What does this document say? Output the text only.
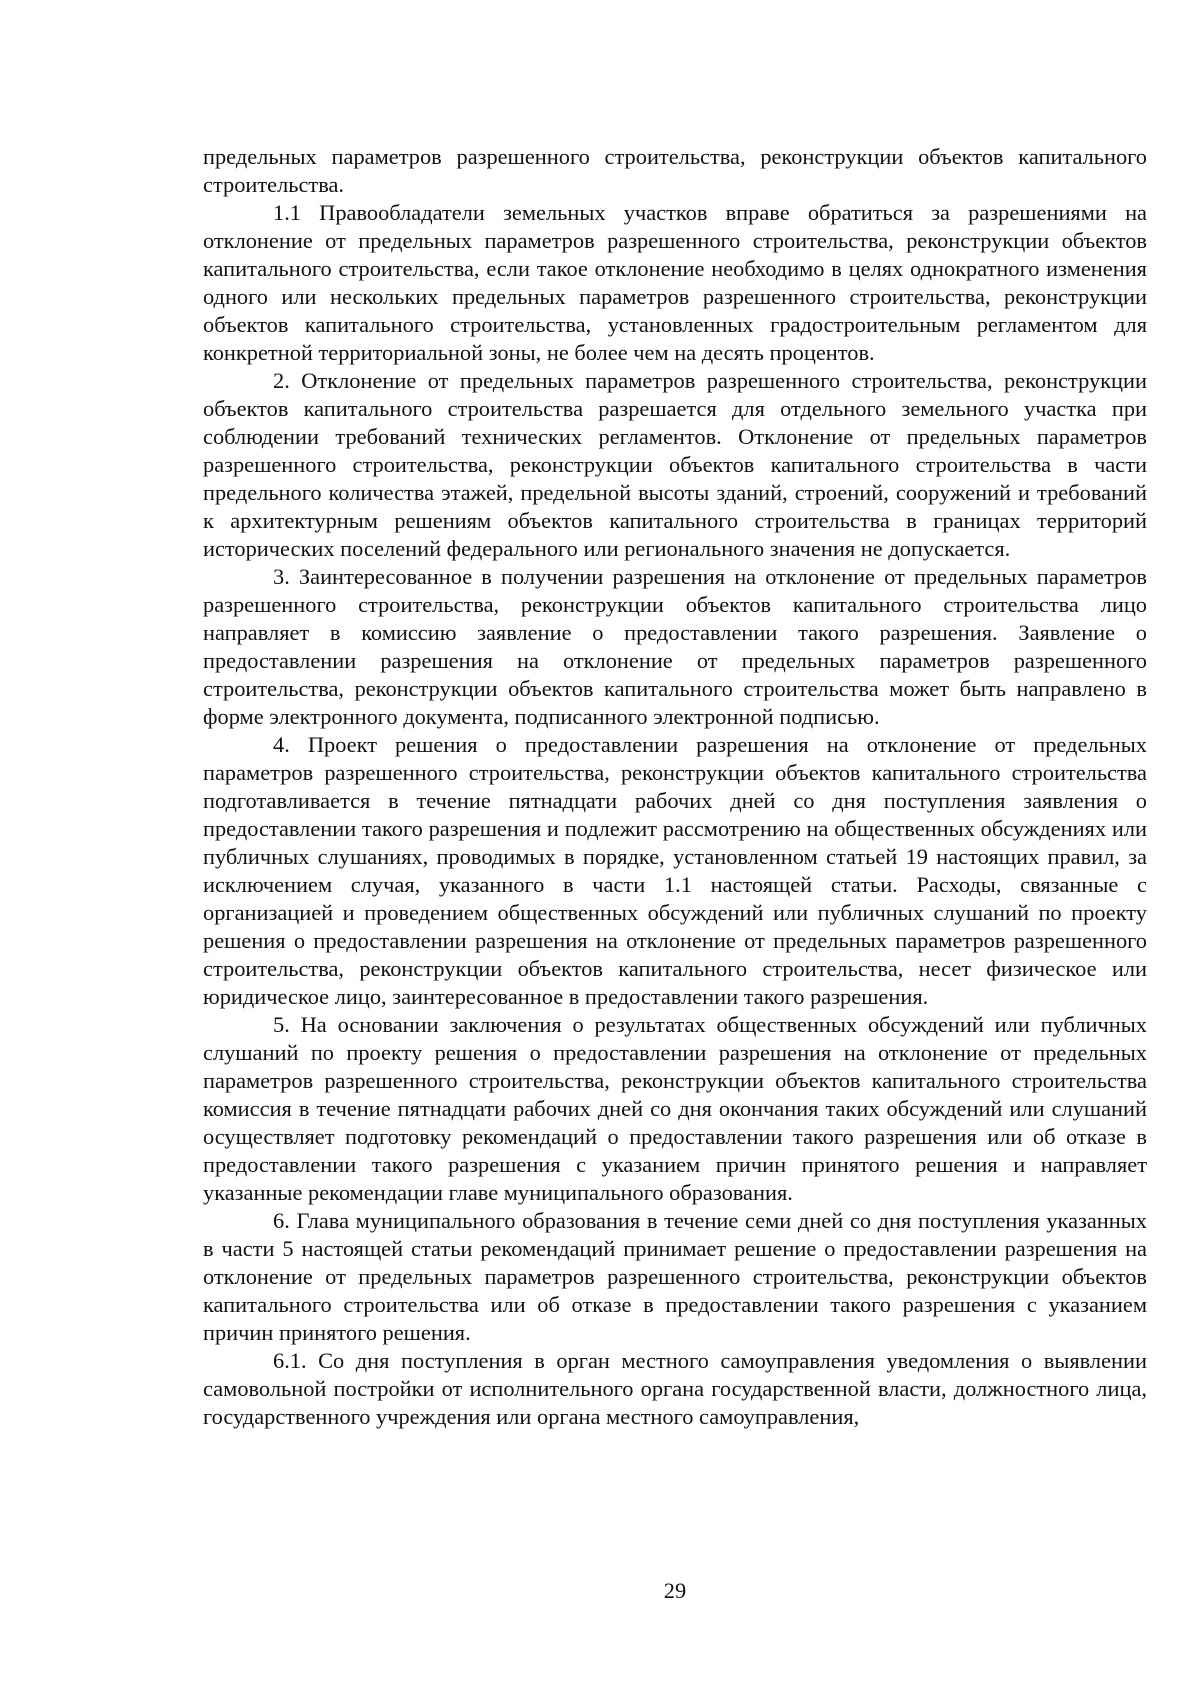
предельных параметров разрешенного строительства, реконструкции объектов капитального строительства.

1.1 Правообладатели земельных участков вправе обратиться за разрешениями на отклонение от предельных параметров разрешенного строительства, реконструкции объектов капитального строительства, если такое отклонение необходимо в целях однократного изменения одного или нескольких предельных параметров разрешенного строительства, реконструкции объектов капитального строительства, установленных градостроительным регламентом для конкретной территориальной зоны, не более чем на десять процентов.

2. Отклонение от предельных параметров разрешенного строительства, реконструкции объектов капитального строительства разрешается для отдельного земельного участка при соблюдении требований технических регламентов. Отклонение от предельных параметров разрешенного строительства, реконструкции объектов капитального строительства в части предельного количества этажей, предельной высоты зданий, строений, сооружений и требований к архитектурным решениям объектов капитального строительства в границах территорий исторических поселений федерального или регионального значения не допускается.

3. Заинтересованное в получении разрешения на отклонение от предельных параметров разрешенного строительства, реконструкции объектов капитального строительства лицо направляет в комиссию заявление о предоставлении такого разрешения. Заявление о предоставлении разрешения на отклонение от предельных параметров разрешенного строительства, реконструкции объектов капитального строительства может быть направлено в форме электронного документа, подписанного электронной подписью.

4. Проект решения о предоставлении разрешения на отклонение от предельных параметров разрешенного строительства, реконструкции объектов капитального строительства подготавливается в течение пятнадцати рабочих дней со дня поступления заявления о предоставлении такого разрешения и подлежит рассмотрению на общественных обсуждениях или публичных слушаниях, проводимых в порядке, установленном статьей 19 настоящих правил, за исключением случая, указанного в части 1.1 настоящей статьи. Расходы, связанные с организацией и проведением общественных обсуждений или публичных слушаний по проекту решения о предоставлении разрешения на отклонение от предельных параметров разрешенного строительства, реконструкции объектов капитального строительства, несет физическое или юридическое лицо, заинтересованное в предоставлении такого разрешения.

5. На основании заключения о результатах общественных обсуждений или публичных слушаний по проекту решения о предоставлении разрешения на отклонение от предельных параметров разрешенного строительства, реконструкции объектов капитального строительства комиссия в течение пятнадцати рабочих дней со дня окончания таких обсуждений или слушаний осуществляет подготовку рекомендаций о предоставлении такого разрешения или об отказе в предоставлении такого разрешения с указанием причин принятого решения и направляет указанные рекомендации главе муниципального образования.

6. Глава муниципального образования в течение семи дней со дня поступления указанных в части 5 настоящей статьи рекомендаций принимает решение о предоставлении разрешения на отклонение от предельных параметров разрешенного строительства, реконструкции объектов капитального строительства или об отказе в предоставлении такого разрешения с указанием причин принятого решения.

6.1. Со дня поступления в орган местного самоуправления уведомления о выявлении самовольной постройки от исполнительного органа государственной власти, должностного лица, государственного учреждения или органа местного самоуправления,

29
